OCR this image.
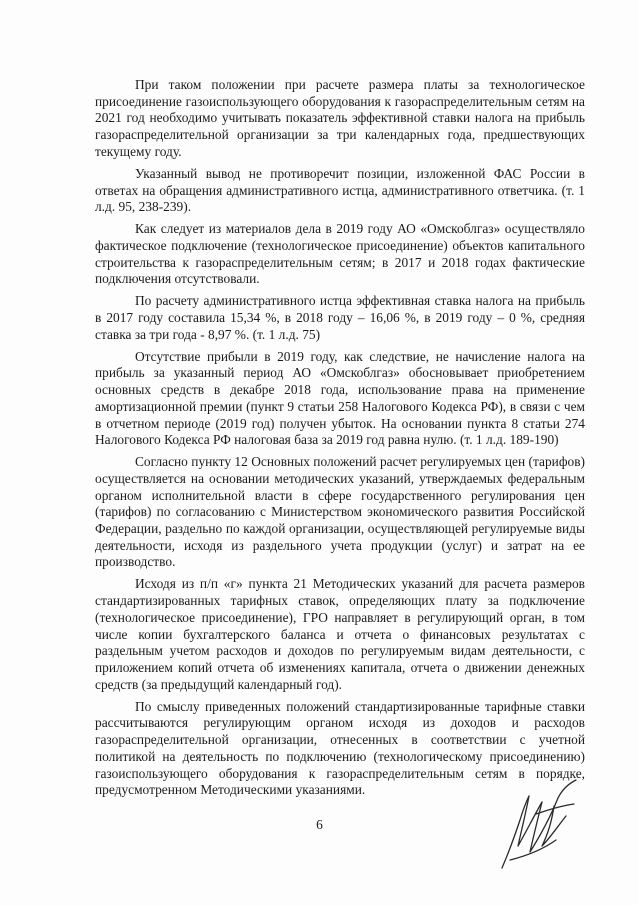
При таком положении при расчете размера платы за технологическое присоединение газоиспользующего оборудования к газораспределительным сетям на 2021 год необходимо учитывать показатель эффективной ставки налога на прибыль газораспределительной организации за три календарных года, предшествующих текущему году.

Указанный вывод не противоречит позиции, изложенной ФАС России в ответах на обращения административного истца, административного ответчика. (т. 1 л.д. 95, 238-239).

Как следует из материалов дела в 2019 году АО «Омскоблгаз» осуществляло фактическое подключение (технологическое присоединение) объектов капитального строительства к газораспределительным сетям; в 2017 и 2018 годах фактические подключения отсутствовали.

По расчету административного истца эффективная ставка налога на прибыль в 2017 году составила 15,34 %, в 2018 году – 16,06 %, в 2019 году – 0 %, средняя ставка за три года - 8,97 %. (т. 1 л.д. 75)

Отсутствие прибыли в 2019 году, как следствие, не начисление налога на прибыль за указанный период АО «Омскоблгаз» обосновывает приобретением основных средств в декабре 2018 года, использование права на применение амортизационной премии (пункт 9 статьи 258 Налогового Кодекса РФ), в связи с чем в отчетном периоде (2019 год) получен убыток. На основании пункта 8 статьи 274 Налогового Кодекса РФ налоговая база за 2019 год равна нулю. (т. 1 л.д. 189-190)

Согласно пункту 12 Основных положений расчет регулируемых цен (тарифов) осуществляется на основании методических указаний, утверждаемых федеральным органом исполнительной власти в сфере государственного регулирования цен (тарифов) по согласованию с Министерством экономического развития Российской Федерации, раздельно по каждой организации, осуществляющей регулируемые виды деятельности, исходя из раздельного учета продукции (услуг) и затрат на ее производство.

Исходя из п/п «г» пункта 21 Методических указаний для расчета размеров стандартизированных тарифных ставок, определяющих плату за подключение (технологическое присоединение), ГРО направляет в регулирующий орган, в том числе копии бухгалтерского баланса и отчета о финансовых результатах с раздельным учетом расходов и доходов по регулируемым видам деятельности, с приложением копий отчета об изменениях капитала, отчета о движении денежных средств (за предыдущий календарный год).

По смыслу приведенных положений стандартизированные тарифные ставки рассчитываются регулирующим органом исходя из доходов и расходов газораспределительной организации, отнесенных в соответствии с учетной политикой на деятельность по подключению (технологическому присоединению) газоиспользующего оборудования к газораспределительным сетям в порядке, предусмотренном Методическими указаниями.

6
